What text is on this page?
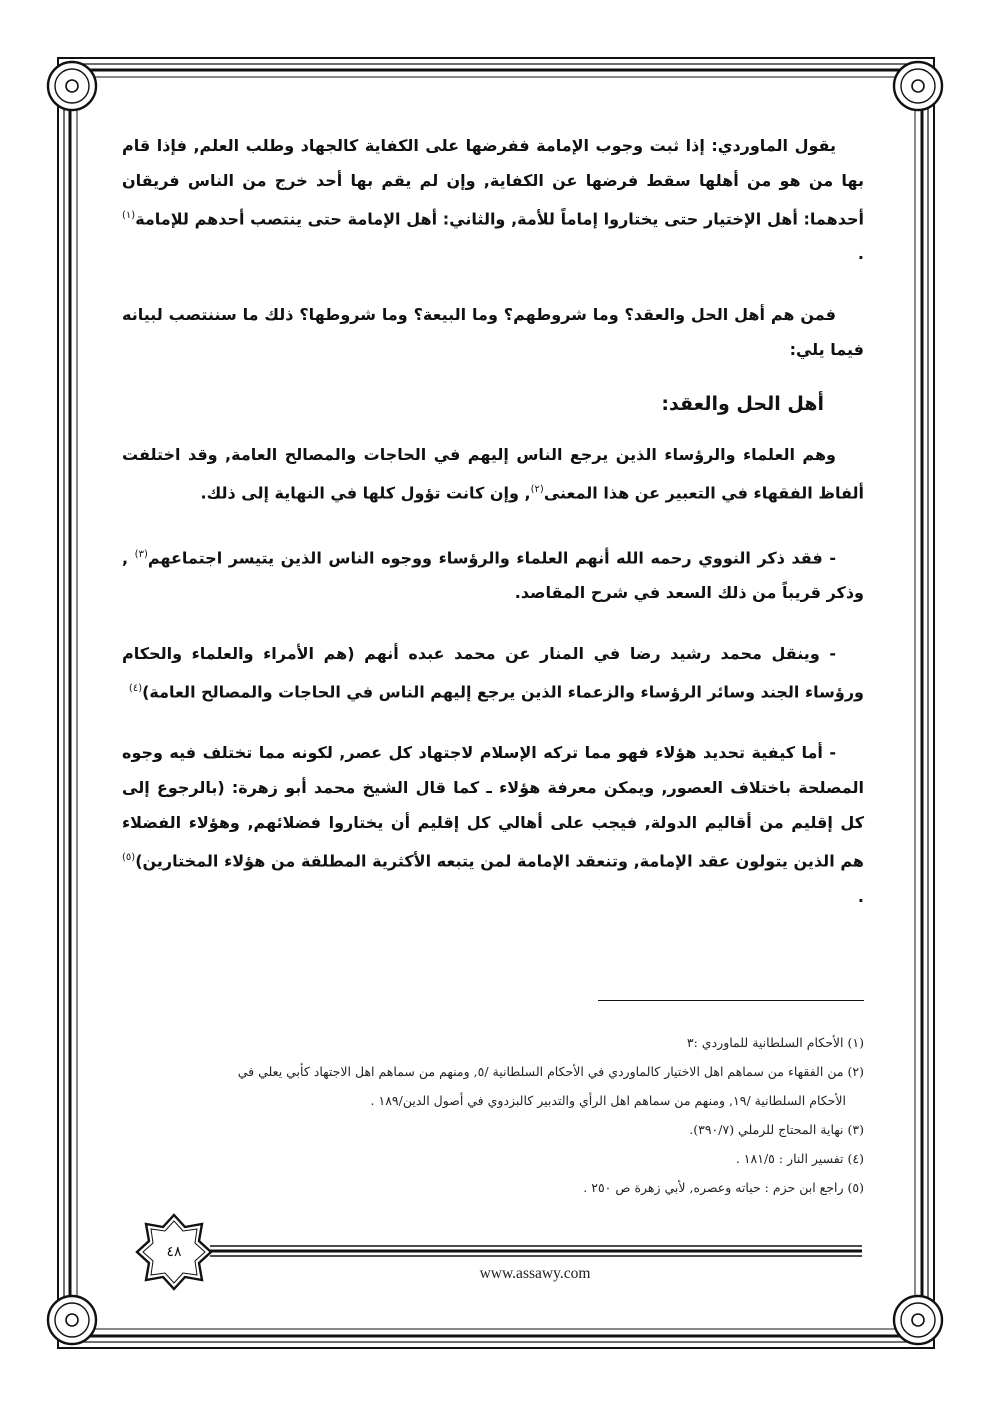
٤٨

يقول الماوردي: إذا ثبت وجوب الإمامة ففرضها على الكفاية كالجهاد وطلب العلم, فإذا قام بها من هو من أهلها سقط فرضها عن الكفاية, وإن لم يقم بها أحد خرج من الناس فريقان أحدهما: أهل الإختيار حتى يختاروا إماماً للأمة, والثاني: أهل الإمامة حتى ينتصب أحدهم للإمامة$^{(١)}$ .

فمن هم أهل الحل والعقد؟ وما شروطهم؟ وما البيعة؟ وما شروطها؟ ذلك ما سننتصب لبيانه فيما يلي:

أهل الحل والعقد:

وهم العلماء والرؤساء الذين يرجع الناس إليهم في الحاجات والمصالح العامة, وقد اختلفت ألفاظ الفقهاء في التعبير عن هذا المعنى$^{(٢)}$, وإن كانت تؤول كلها في النهاية إلى ذلك.

- فقد ذكر النووي رحمه الله أنهم العلماء والرؤساء ووجوه الناس الذين يتيسر اجتماعهم$^{(٣)}$ , وذكر قريباً من ذلك السعد في شرح المقاصد.

- وينقل محمد رشيد رضا في المنار عن محمد عبده أنهم (هم الأمراء والعلماء والحكام ورؤساء الجند وسائر الرؤساء والزعماء الذين يرجع إليهم الناس في الحاجات والمصالح العامة)$^{(٤)}$

- أما كيفية تحديد هؤلاء فهو مما تركه الإسلام لاجتهاد كل عصر, لكونه مما تختلف فيه وجوه المصلحة باختلاف العصور, ويمكن معرفة هؤلاء ـ كما قال الشيخ محمد أبو زهرة: (بالرجوع إلى كل إقليم من أقاليم الدولة, فيجب على أهالي كل إقليم أن يختاروا فضلائهم, وهؤلاء الفضلاء هم الذين يتولون عقد الإمامة, وتنعقد الإمامة لمن يتبعه الأكثرية المطلقة من هؤلاء المختارين)$^{(٥)}$ .

(١) الأحكام السلطانية للماوردي :٣

(٢) من الفقهاء من سماهم اهل الاختيار كالماوردي في الأحكام السلطانية /٥, ومنهم من سماهم اهل الاجتهاد كأبي يعلي في

الأحكام السلطانية /١٩, ومنهم من سماهم اهل الرأي والتدبير كالبزدوي في أصول الدين/١٨٩ .

(٣) نهاية المحتاج للرملي (٣٩٠/٧).

(٤) تفسير النار : ١٨١/٥ .

(٥) راجع ابن حزم : حياته وعصره, لأبي زهرة ص ٢٥٠ .

www.assawy.com
